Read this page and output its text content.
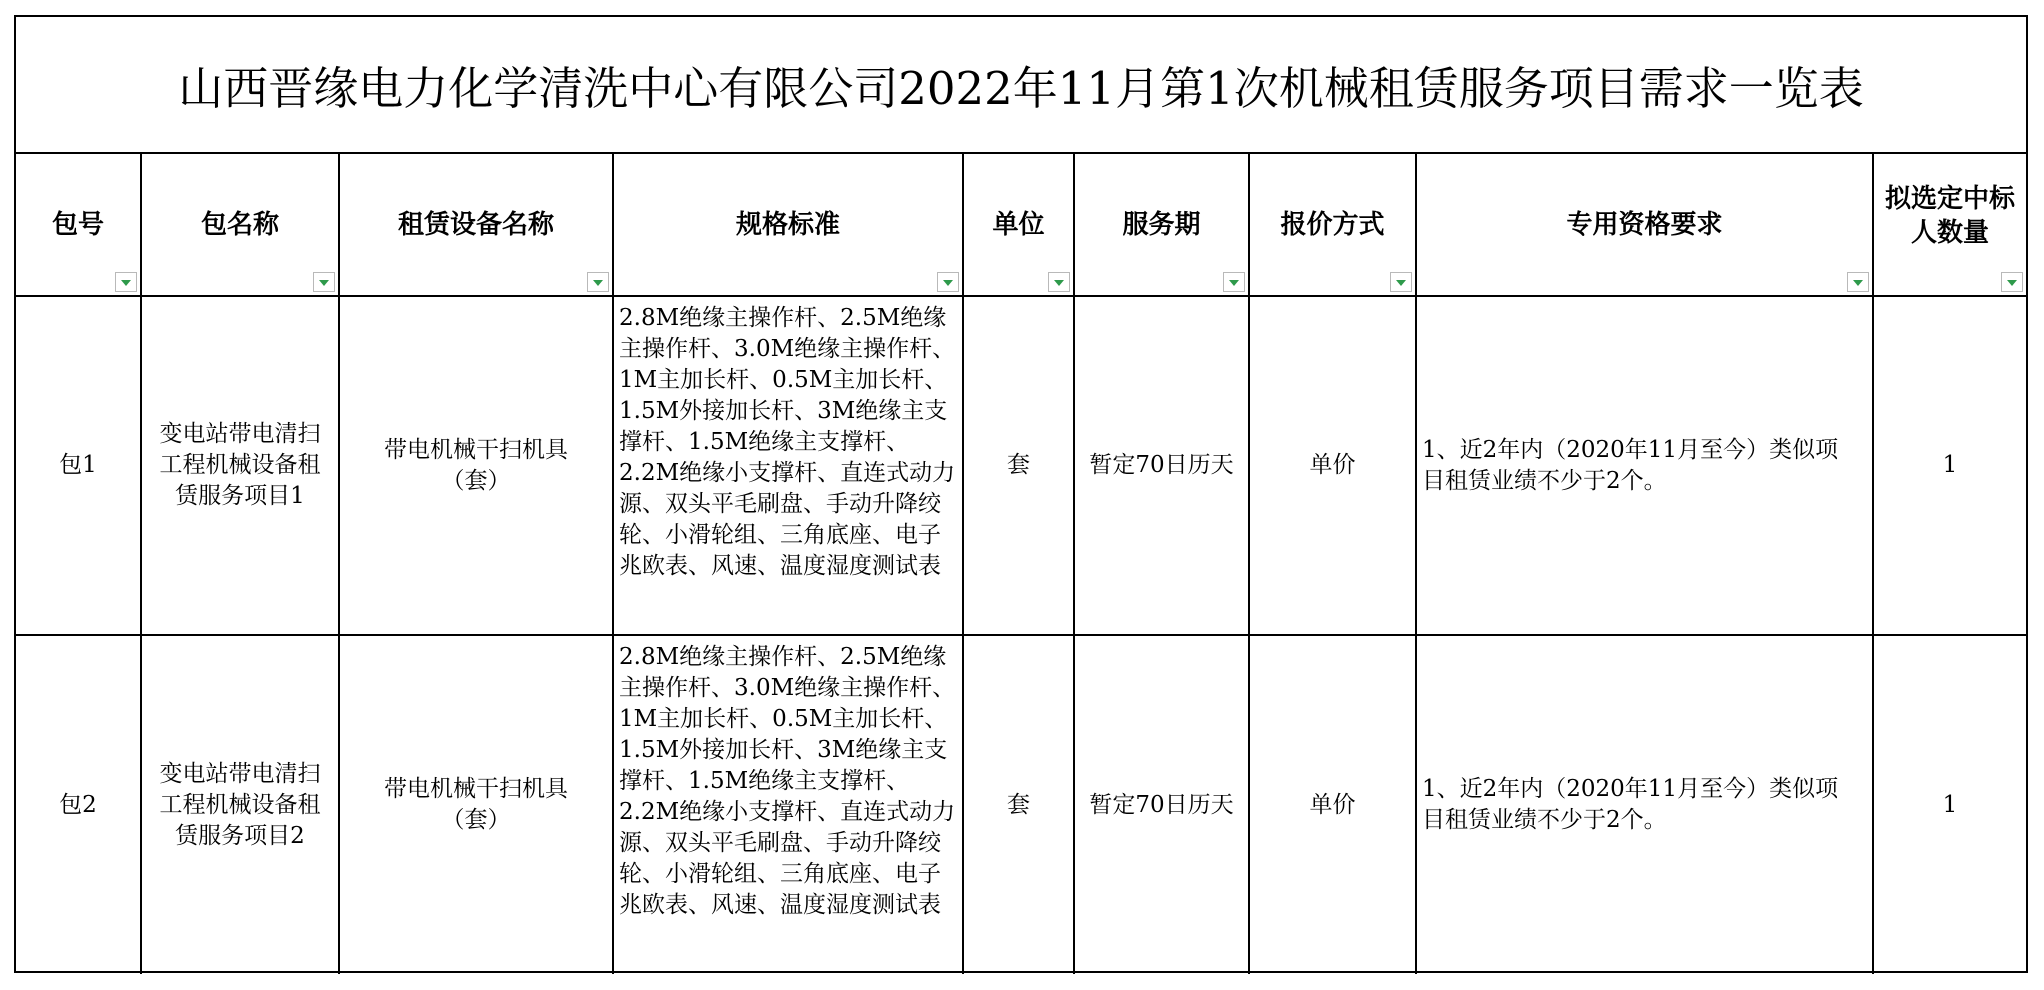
山西晋缘电力化学清洗中心有限公司2022年11月第1次机械租赁服务项目需求一览表
包号	包名称	租赁设备名称	规格标准	单位	服务期	报价方式	专用资格要求	拟选定中标人数量

包1	变电站带电清扫工程机械设备租赁服务项目1	带电机械干扫机具（套）	2.8M绝缘主操作杆、2.5M绝缘主操作杆、3.0M绝缘主操作杆、1M主加长杆、0.5M主加长杆、1.5M外接加长杆、3M绝缘主支撑杆、1.5M绝缘主支撑杆、2.2M绝缘小支撑杆、直连式动力源、双头平毛刷盘、手动升降绞轮、小滑轮组、三角底座、电子兆欧表、风速、温度湿度测试表	套	暂定70日历天	单价	1、近2年内（2020年11月至今）类似项目租赁业绩不少于2个。	1
包2	变电站带电清扫工程机械设备租赁服务项目2	带电机械干扫机具（套）	2.8M绝缘主操作杆、2.5M绝缘主操作杆、3.0M绝缘主操作杆、1M主加长杆、0.5M主加长杆、1.5M外接加长杆、3M绝缘主支撑杆、1.5M绝缘主支撑杆、2.2M绝缘小支撑杆、直连式动力源、双头平毛刷盘、手动升降绞轮、小滑轮组、三角底座、电子兆欧表、风速、温度湿度测试表	套	暂定70日历天	单价	1、近2年内（2020年11月至今）类似项目租赁业绩不少于2个。	1
